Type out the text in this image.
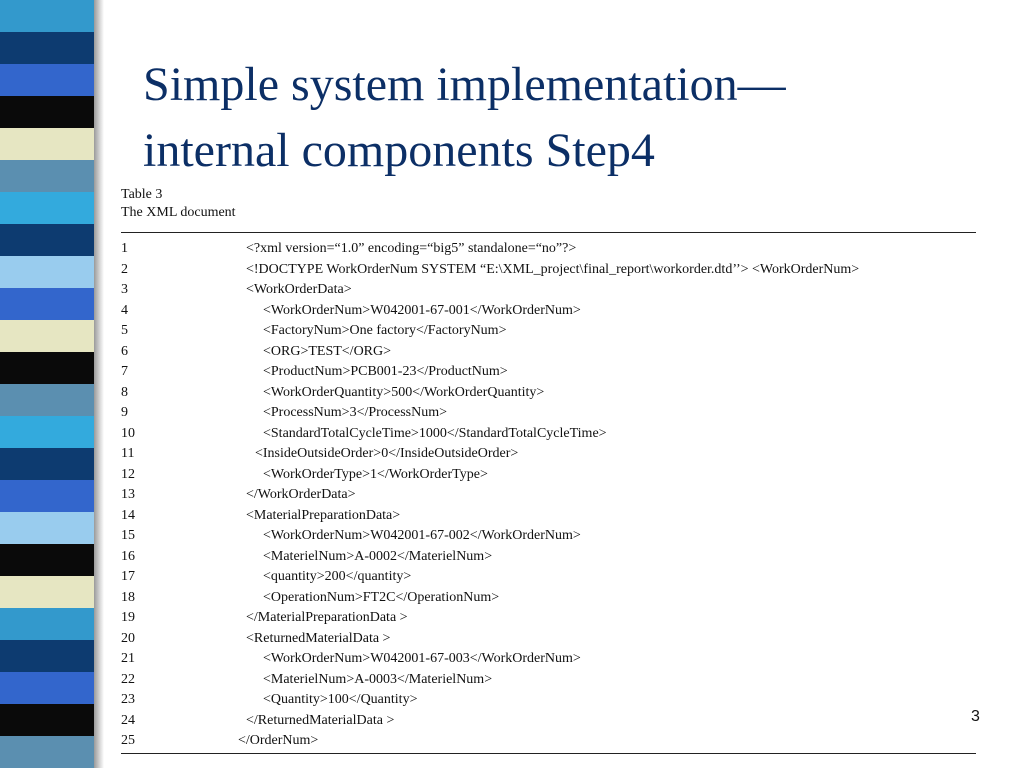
Simple system implementation—
internal components Step4
Table 3
The XML document
1	<?xml version=“1.0” encoding=“big5” standalone=“no”?>
2	<!DOCTYPE WorkOrderNum SYSTEM “E:\XML_project\final_report\workorder.dtd’’> <WorkOrderNum>
3	<WorkOrderData>
4	<WorkOrderNum>W042001-67-001</WorkOrderNum>
5	<FactoryNum>One factory</FactoryNum>
6	<ORG>TEST</ORG>
7	<ProductNum>PCB001-23</ProductNum>
8	<WorkOrderQuantity>500</WorkOrderQuantity>
9	<ProcessNum>3</ProcessNum>
10	<StandardTotalCycleTime>1000</StandardTotalCycleTime>
11	<InsideOutsideOrder>0</InsideOutsideOrder>
12	<WorkOrderType>1</WorkOrderType>
13	</WorkOrderData>
14	<MaterialPreparationData>
15	<WorkOrderNum>W042001-67-002</WorkOrderNum>
16	<MaterielNum>A-0002</MaterielNum>
17	<quantity>200</quantity>
18	<OperationNum>FT2C</OperationNum>
19	</MaterialPreparationData >
20	<ReturnedMaterialData >
21	<WorkOrderNum>W042001-67-003</WorkOrderNum>
22	<MaterielNum>A-0003</MaterielNum>
23	<Quantity>100</Quantity>
24	</ReturnedMaterialData >
25	</OrderNum>
3
